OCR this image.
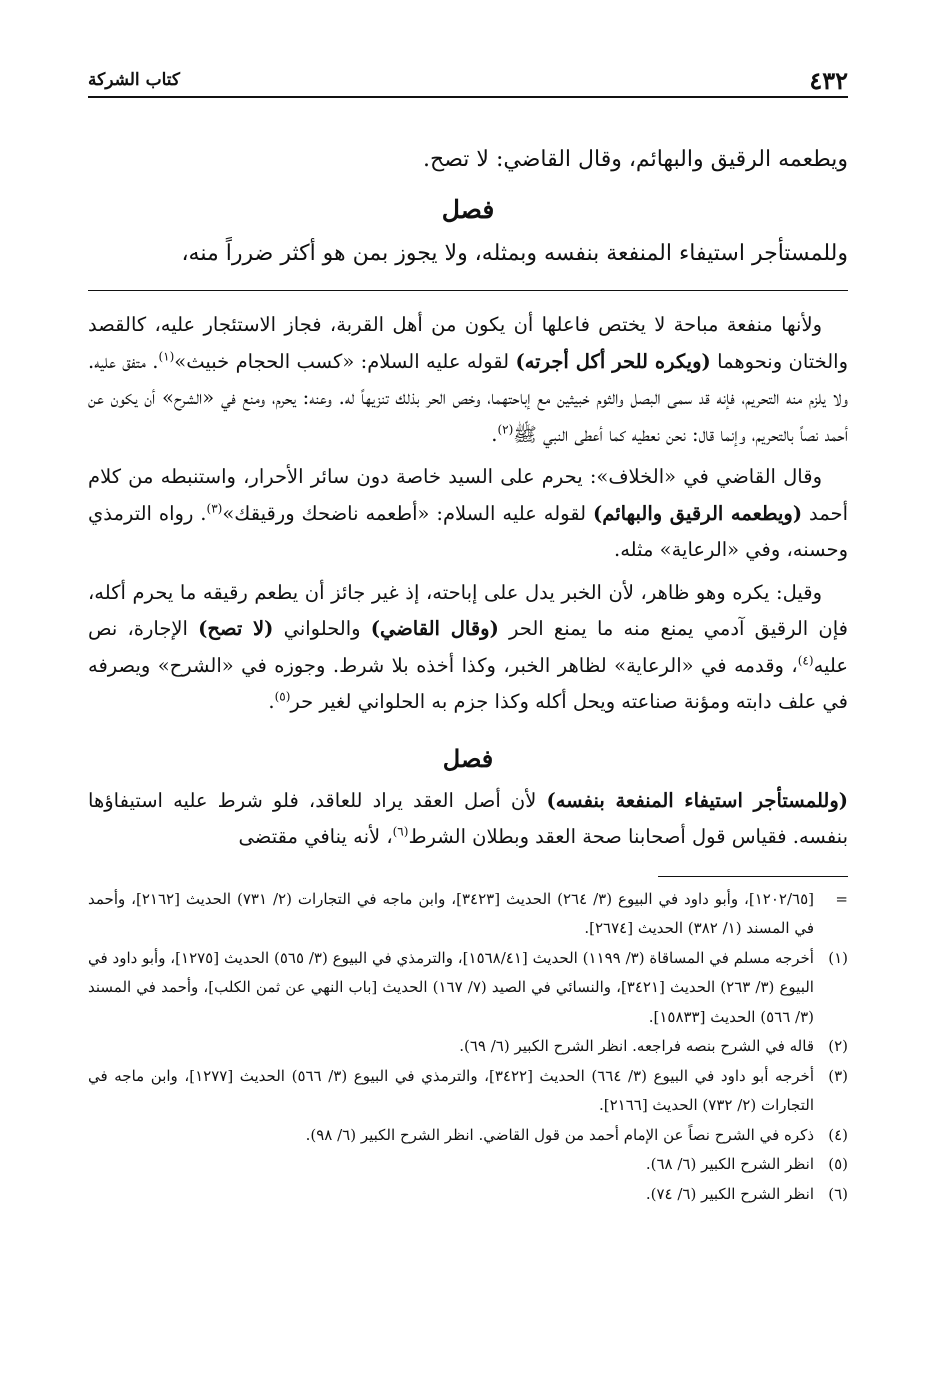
٤٣٢
كتاب الشركة

ويطعمه الرقيق والبهائم، وقال القاضي: لا تصح.

فصل

وللمستأجر استيفاء المنفعة بنفسه وبمثله، ولا يجوز بمن هو أكثر ضرراً منه،

ولأنها منفعة مباحة لا يختص فاعلها أن يكون من أهل القربة، فجاز الاستئجار عليه، كالقصد والختان ونحوهما (ويكره للحر أكل أجرته) لقوله عليه السلام: «كسب الحجام خبيث»$^{(١)}$. متفق عليه. ولا يلزم منه التحريم، فإنه قد سمى البصل والثوم خبيثين مع إباحتهما، وخص الحر بذلك تنزيهاً له. وعنه: يحرم، ومنع في «الشرح» أن يكون عن أحمد نصاً بالتحريم، وإنما قال: نحن نعطيه كما أعطى النبي ﷺ$^{(٢)}$.

وقال القاضي في «الخلاف»: يحرم على السيد خاصة دون سائر الأحرار، واستنبطه من كلام أحمد (ويطعمه الرقيق والبهائم) لقوله عليه السلام: «أطعمه ناضحك ورقيقك»$^{(٣)}$. رواه الترمذي وحسنه، وفي «الرعاية» مثله.

وقيل: يكره وهو ظاهر، لأن الخبر يدل على إباحته، إذ غير جائز أن يطعم رقيقه ما يحرم أكله، فإن الرقيق آدمي يمنع منه ما يمنع الحر (وقال القاضي) والحلواني (لا تصح) الإجارة، نص عليه$^{(٤)}$، وقدمه في «الرعاية» لظاهر الخبر، وكذا أخذه بلا شرط. وجوزه في «الشرح» ويصرفه في علف دابته ومؤنة صناعته ويحل أكله وكذا جزم به الحلواني لغير حر$^{(٥)}$.

فصل

(وللمستأجر استيفاء المنفعة بنفسه) لأن أصل العقد يراد للعاقد، فلو شرط عليه استيفاؤها بنفسه. فقياس قول أصحابنا صحة العقد وبطلان الشرط$^{(٦)}$، لأنه ينافي مقتضى

=
[١٢٠٢/٦٥]، وأبو داود في البيوع (٣/ ٢٦٤) الحديث [٣٤٢٣]، وابن ماجه في التجارات (٢/ ٧٣١) الحديث [٢١٦٢]، وأحمد في المسند (١/ ٣٨٢) الحديث [٢٦٧٤].
(١)
أخرجه مسلم في المساقاة (٣/ ١١٩٩) الحديث [١٥٦٨/٤١]، والترمذي في البيوع (٣/ ٥٦٥) الحديث [١٢٧٥]، وأبو داود في البيوع (٣/ ٢٦٣) الحديث [٣٤٢١]، والنسائي في الصيد (٧/ ١٦٧) الحديث [باب النهي عن ثمن الكلب]، وأحمد في المسند (٣/ ٥٦٦) الحديث [١٥٨٣٣].
(٢)
قاله في الشرح بنصه فراجعه. انظر الشرح الكبير (٦/ ٦٩).
(٣)
أخرجه أبو داود في البيوع (٣/ ٦٦٤) الحديث [٣٤٢٢]، والترمذي في البيوع (٣/ ٥٦٦) الحديث [١٢٧٧]، وابن ماجه في التجارات (٢/ ٧٣٢) الحديث [٢١٦٦].
(٤)
ذكره في الشرح نصاً عن الإمام أحمد من قول القاضي. انظر الشرح الكبير (٦/ ٩٨).
(٥)
انظر الشرح الكبير (٦/ ٦٨).
(٦)
انظر الشرح الكبير (٦/ ٧٤).
